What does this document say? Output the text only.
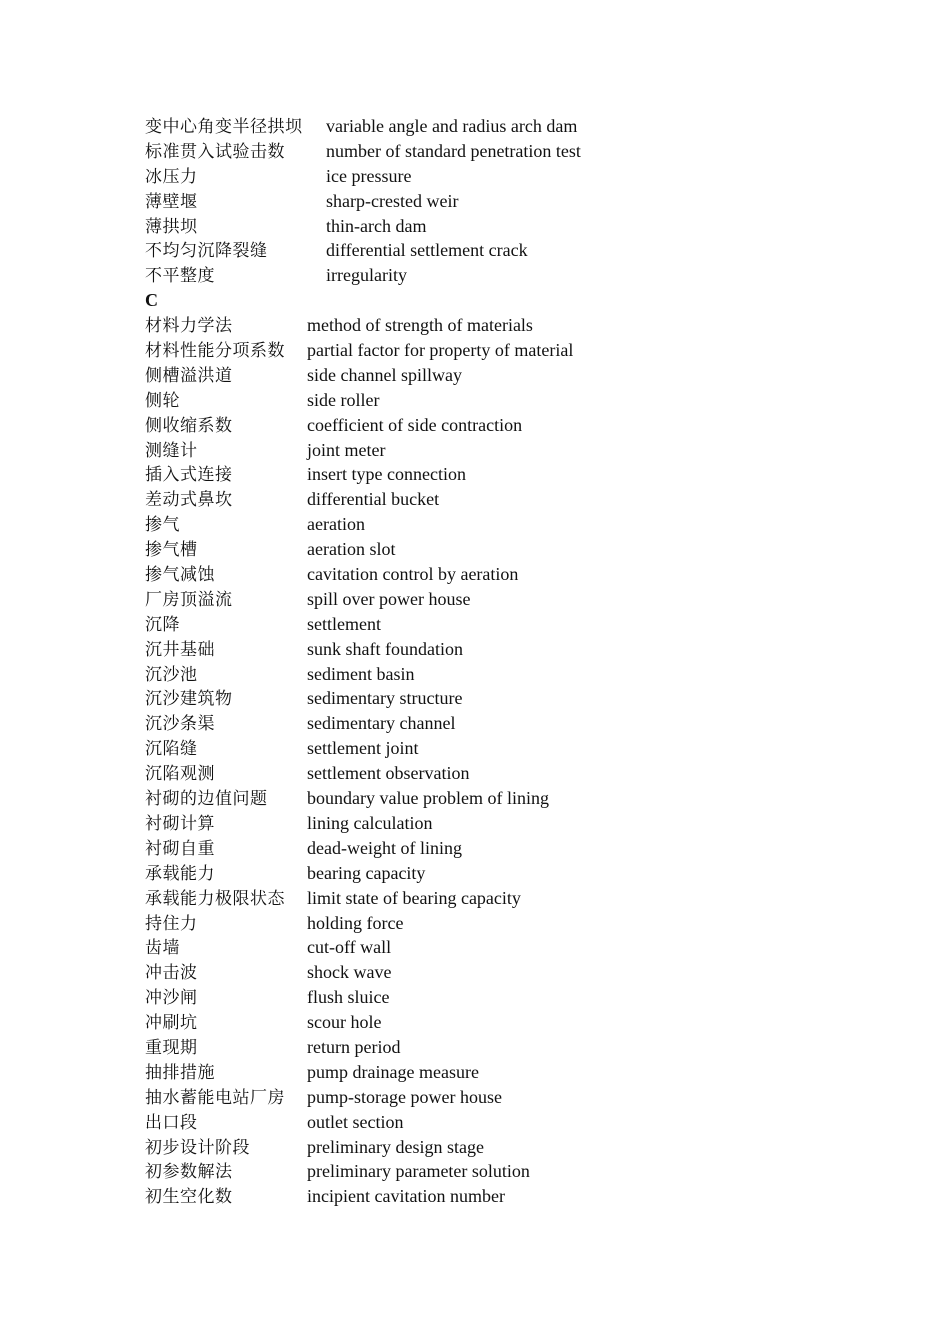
变中心角变半径拱坝 variable angle and radius arch dam
标准贯入试验击数 number of standard penetration test
冰压力	ice pressure
薄壁堰	sharp-crested weir
薄拱坝	thin-arch dam
不均匀沉降裂缝	differential settlement crack
不平整度	irregularity
C
材料力学法	method of strength of materials
材料性能分项系数 partial factor for property of material
侧槽溢洪道	side channel spillway
侧轮	side roller
侧收缩系数	coefficient of side contraction
测缝计	joint meter
插入式连接	insert type connection
差动式鼻坎	differential bucket
掺气	aeration
掺气槽	aeration slot
掺气减蚀	cavitation control by aeration
厂房顶溢流	spill over power house
沉降	settlement
沉井基础	sunk shaft foundation
沉沙池	sediment basin
沉沙建筑物	sedimentary structure
沉沙条渠	sedimentary channel
沉陷缝	settlement joint
沉陷观测	settlement observation
衬砌的边值问题 boundary value problem of lining
衬砌计算	lining calculation
衬砌自重	dead-weight of lining
承载能力	bearing capacity
承载能力极限状态 limit state of bearing capacity
持住力	holding force
齿墙	cut-off wall
冲击波	shock wave
冲沙闸	flush sluice
冲刷坑	scour hole
重现期	return period
抽排措施	pump drainage measure
抽水蓄能电站厂房 pump-storage power house
出口段	outlet section
初步设计阶段	preliminary design stage
初参数解法	preliminary parameter solution
初生空化数	incipient cavitation number
